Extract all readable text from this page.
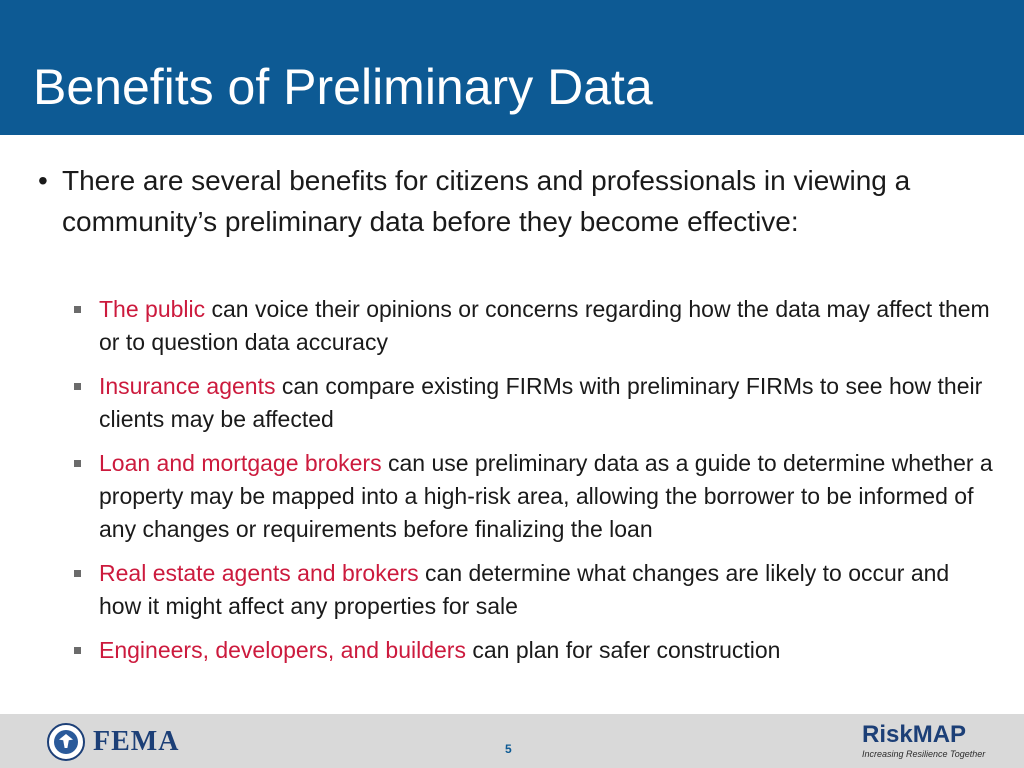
Benefits of Preliminary Data
• There are several benefits for citizens and professionals in viewing a community’s preliminary data before they become effective:
The public can voice their opinions or concerns regarding how the data may affect them or to question data accuracy
Insurance agents can compare existing FIRMs with preliminary FIRMs to see how their clients may be affected
Loan and mortgage brokers can use preliminary data as a guide to determine whether a property may be mapped into a high-risk area, allowing the borrower to be informed of any changes or requirements before finalizing the loan
Real estate agents and brokers can determine what changes are likely to occur and how it might affect any properties for sale
Engineers, developers, and builders can plan for safer construction
FEMA	5
RiskMAP
Increasing Resilience Together
